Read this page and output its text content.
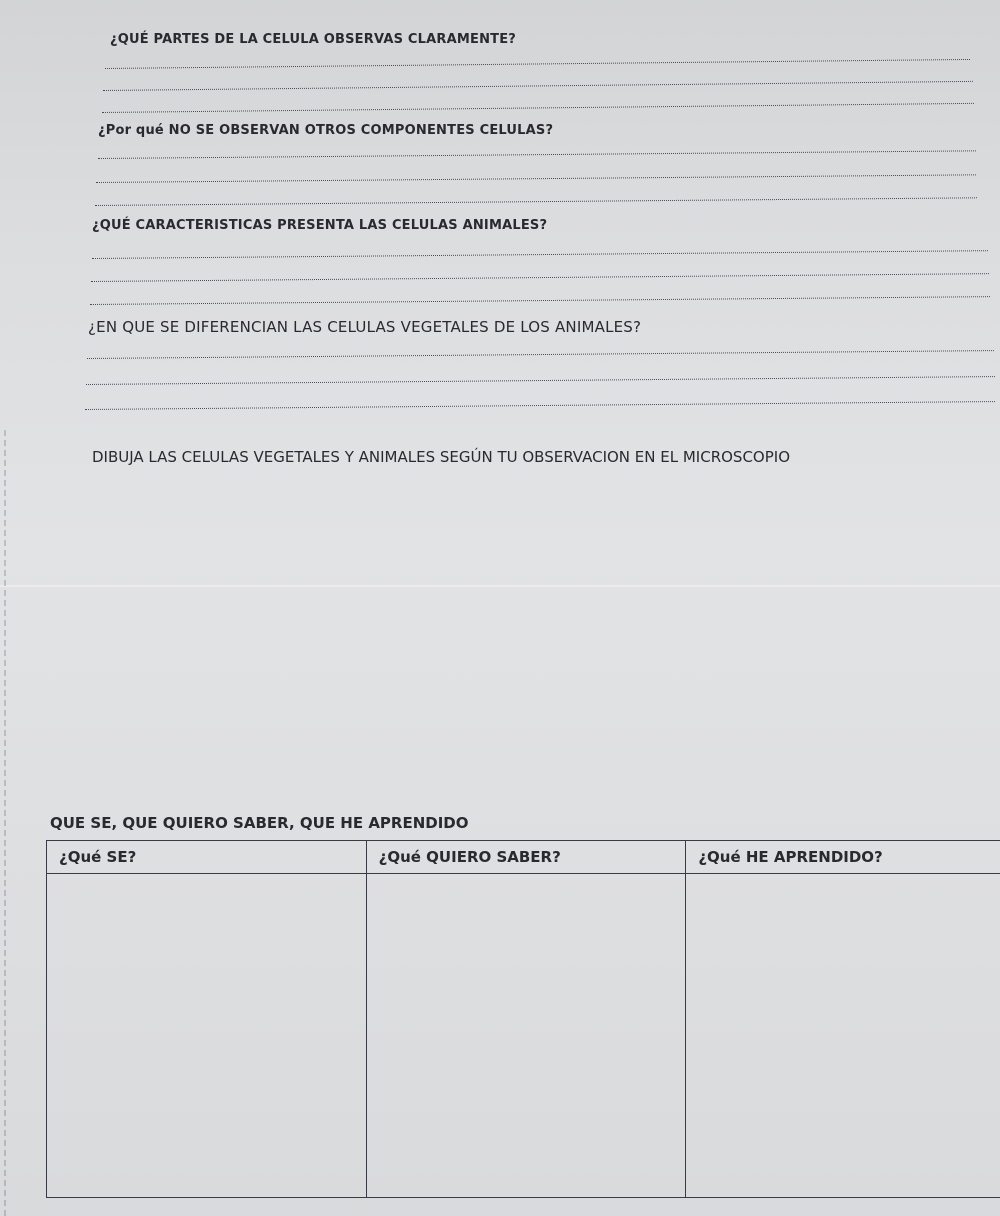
¿QUÉ PARTES DE LA CELULA OBSERVAS CLARAMENTE?
¿Por qué NO SE OBSERVAN OTROS COMPONENTES CELULAS?
¿QUÉ CARACTERISTICAS PRESENTA LAS CELULAS ANIMALES?
¿EN QUE SE DIFERENCIAN LAS CELULAS VEGETALES DE LOS ANIMALES?
DIBUJA LAS CELULAS VEGETALES Y ANIMALES SEGÚN TU OBSERVACION EN EL MICROSCOPIO
QUE SE, QUE QUIERO SABER, QUE HE APRENDIDO
¿Qué SE?	¿Qué QUIERO SABER?	¿Qué HE APRENDIDO?
